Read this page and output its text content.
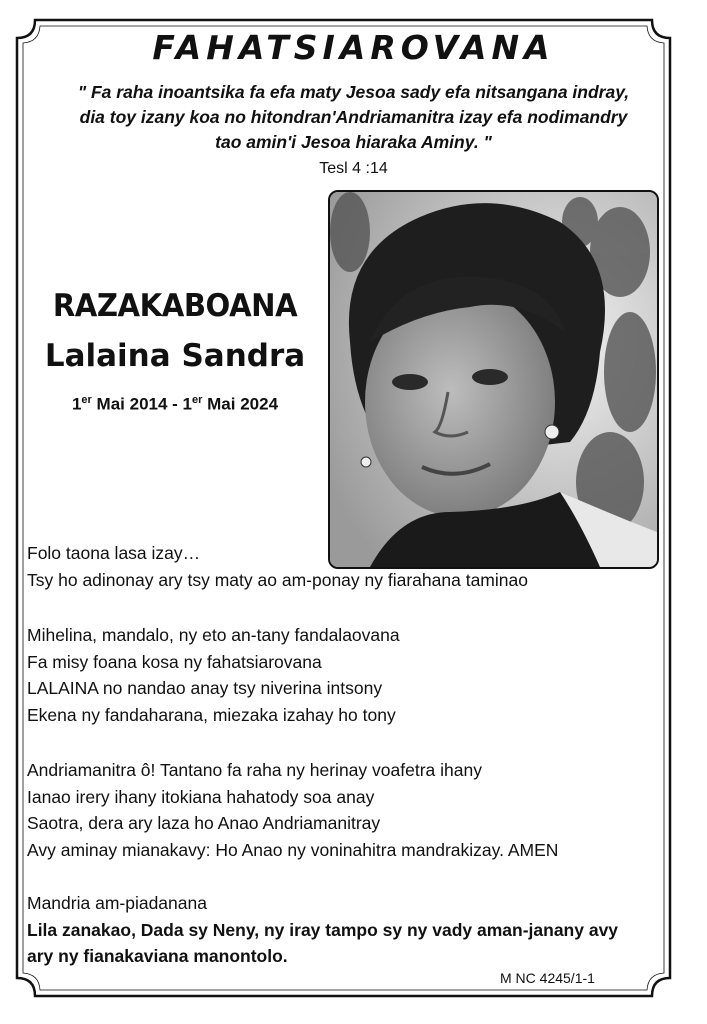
FAHATSIAROVANA
" Fa raha inoantsika fa efa maty Jesoa sady efa nitsangana indray,
dia toy izany koa no hitondran'Andriamanitra izay efa nodimandry
tao amin'i Jesoa hiaraka Aminy. "
Tesl 4 :14
RAZAKABOANA
Lalaina Sandra
1er Mai 2014 - 1er Mai 2024
Folo taona lasa izay…
Tsy ho adinonay ary tsy maty ao am-ponay ny fiarahana taminao
Mihelina, mandalo, ny eto an-tany fandalaovana
Fa misy foana kosa ny fahatsiarovana
LALAINA no nandao anay tsy niverina intsony
Ekena ny fandaharana, miezaka izahay ho tony
Andriamanitra ô! Tantano fa raha ny herinay voafetra ihany
Ianao irery ihany itokiana hahatody soa anay
Saotra, dera ary laza ho Anao Andriamanitray
Avy aminay mianakavy: Ho Anao ny voninahitra mandrakizay. AMEN
Mandria am-piadanana
Lila zanakao, Dada sy Neny, ny iray tampo sy ny vady aman-janany avy
ary ny fianakaviana manontolo.
M NC 4245/1-1
